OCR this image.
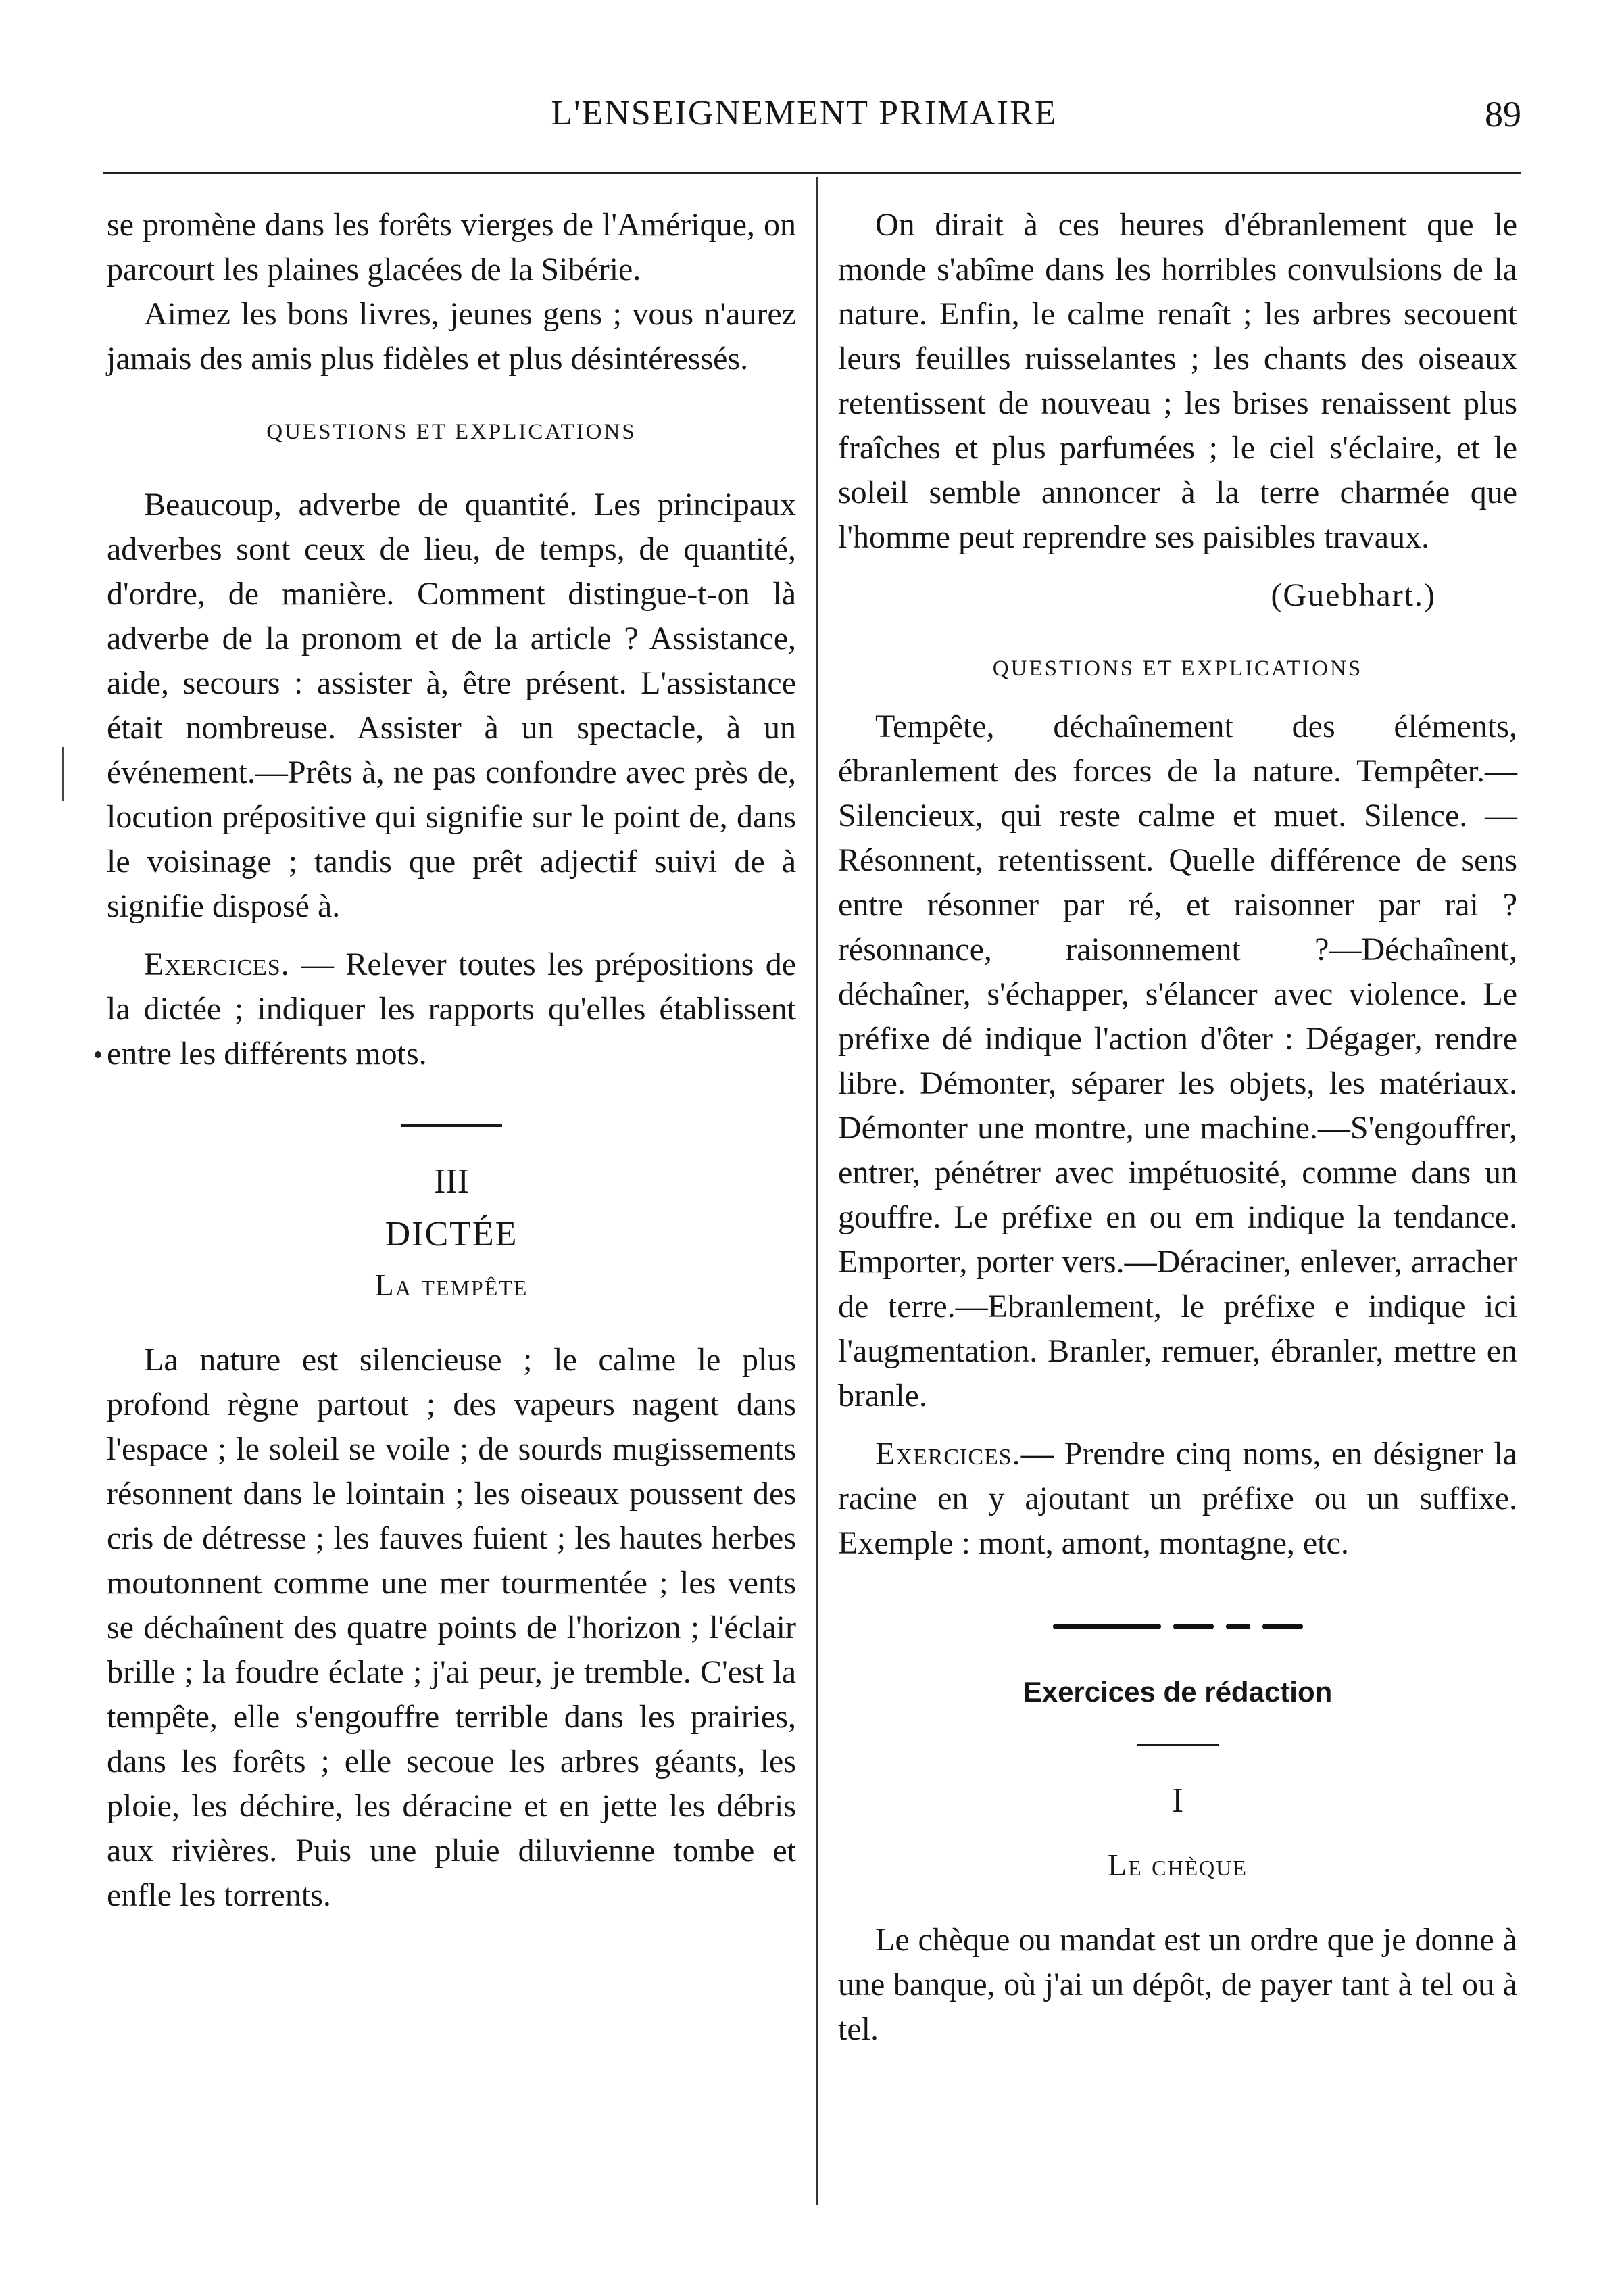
L'ENSEIGNEMENT PRIMAIRE	89

se promène dans les forêts vierges de l'Amérique, on parcourt les plaines glacées de la Sibérie.

Aimez les bons livres, jeunes gens ; vous n'aurez jamais des amis plus fidèles et plus désintéressés.

QUESTIONS ET EXPLICATIONS

Beaucoup, adverbe de quantité. Les principaux adverbes sont ceux de lieu, de temps, de quantité, d'ordre, de manière. Comment distingue-t-on là adverbe de la pronom et de la article ? Assistance, aide, secours : assister à, être présent. L'assistance était nombreuse. Assister à un spectacle, à un événement.—Prêts à, ne pas confondre avec près de, locution prépositive qui signifie sur le point de, dans le voisinage ; tandis que prêt adjectif suivi de à signifie disposé à.

Exercices. — Relever toutes les prépositions de la dictée ; indiquer les rapports qu'elles établissent entre les différents mots.

III
DICTÉE
La tempête

La nature est silencieuse ; le calme le plus profond règne partout ; des vapeurs nagent dans l'espace ; le soleil se voile ; de sourds mugissements résonnent dans le lointain ; les oiseaux poussent des cris de détresse ; les fauves fuient ; les hautes herbes moutonnent comme une mer tourmentée ; les vents se déchaînent des quatre points de l'horizon ; l'éclair brille ; la foudre éclate ; j'ai peur, je tremble. C'est la tempête, elle s'engouffre terrible dans les prairies, dans les forêts ; elle secoue les arbres géants, les ploie, les déchire, les déracine et en jette les débris aux rivières. Puis une pluie diluvienne tombe et enfle les torrents.

On dirait à ces heures d'ébranlement que le monde s'abîme dans les horribles convulsions de la nature. Enfin, le calme renaît ; les arbres secouent leurs feuilles ruisselantes ; les chants des oiseaux retentissent de nouveau ; les brises renaissent plus fraîches et plus parfumées ; le ciel s'éclaire, et le soleil semble annoncer à la terre charmée que l'homme peut reprendre ses paisibles travaux.

(Guebhart.)
QUESTIONS ET EXPLICATIONS

Tempête, déchaînement des éléments, ébranlement des forces de la nature. Tempêter.—Silencieux, qui reste calme et muet. Silence. — Résonnent, retentissent. Quelle différence de sens entre résonner par ré, et raisonner par rai ? résonnance, raisonnement ?—Déchaînent, déchaîner, s'échapper, s'élancer avec violence. Le préfixe dé indique l'action d'ôter : Dégager, rendre libre. Démonter, séparer les objets, les matériaux. Démonter une montre, une machine.—S'engouffrer, entrer, pénétrer avec impétuosité, comme dans un gouffre. Le préfixe en ou em indique la tendance. Emporter, porter vers.—Déraciner, enlever, arracher de terre.—Ebranlement, le préfixe e indique ici l'augmentation. Branler, remuer, ébranler, mettre en branle.

Exercices.— Prendre cinq noms, en désigner la racine en y ajoutant un préfixe ou un suffixe. Exemple : mont, amont, montagne, etc.

Exercices de rédaction
I
Le chèque

Le chèque ou mandat est un ordre que je donne à une banque, où j'ai un dépôt, de payer tant à tel ou à tel.
